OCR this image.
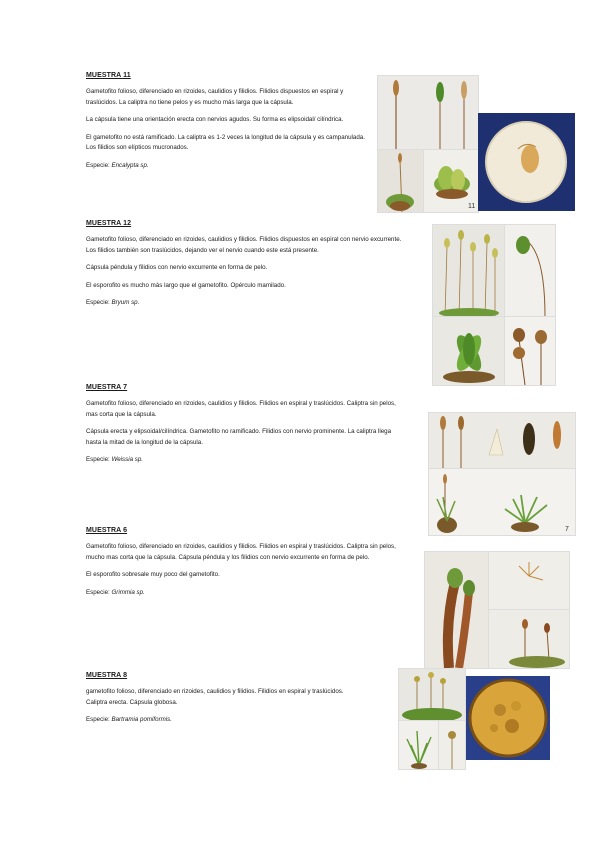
MUESTRA 11

Gametofito folioso, diferenciado en rizoides, caulidios y filidios. Filidios dispuestos en espiral y traslúcidos. La caliptra no tiene pelos y es mucho más larga que la cápsula.

La cápsula tiene una orientación erecta con nervios agudos. Su forma es elipsoidal/ cilíndrica.

El gametofito no está ramificado. La caliptra es 1-2 veces la longitud de la cápsula y es campanulada. Los filidios son elípticos mucronados.

Especie: Encalypta sp.

11
MUESTRA 12

Gametofito folioso, diferenciado en rizoides, caulidios y filidios. Filidios dispuestos en espiral con nervio excurrente. Los filidios también son traslúcidos, dejando ver el nervio cuando este está presente.

Cápsula péndula y filidios con nervio excurrente en forma de pelo.

El esporofito es mucho más largo que el gametofito. Opérculo mamilado.

Especie: Bryum sp.

MUESTRA 7

Gametofito folioso, diferenciado en rizoides, caulidios y filidios. Filidios en espiral y traslúcidos. Caliptra sin pelos, mas corta que la cápsula.

Cápsula erecta y elipsoidal/cilíndrica. Gametofito no ramificado. Filidios con nervio prominente. La caliptra llega hasta la mitad de la longitud de la cápsula.

Especie: Weissia sp.

7
MUESTRA 6

Gametofito folioso, diferenciado en rizoides, caulidios y filidios. Filidios en espiral y traslúcidos. Caliptra sin pelos, mucho mas corta que la cápsula. Cápsula péndula y los filidios con nervio excurrente en forma de pelo.

El esporofito sobresale muy poco del gametofito.

Especie: Grimmia sp.

MUESTRA 8

gametofito folioso, diferenciado en rizoides, caulidios y filidios. Filidios en espiral y traslúcidos. Caliptra erecta. Cápsula globosa.

Especie: Bartramia pomiformis.
